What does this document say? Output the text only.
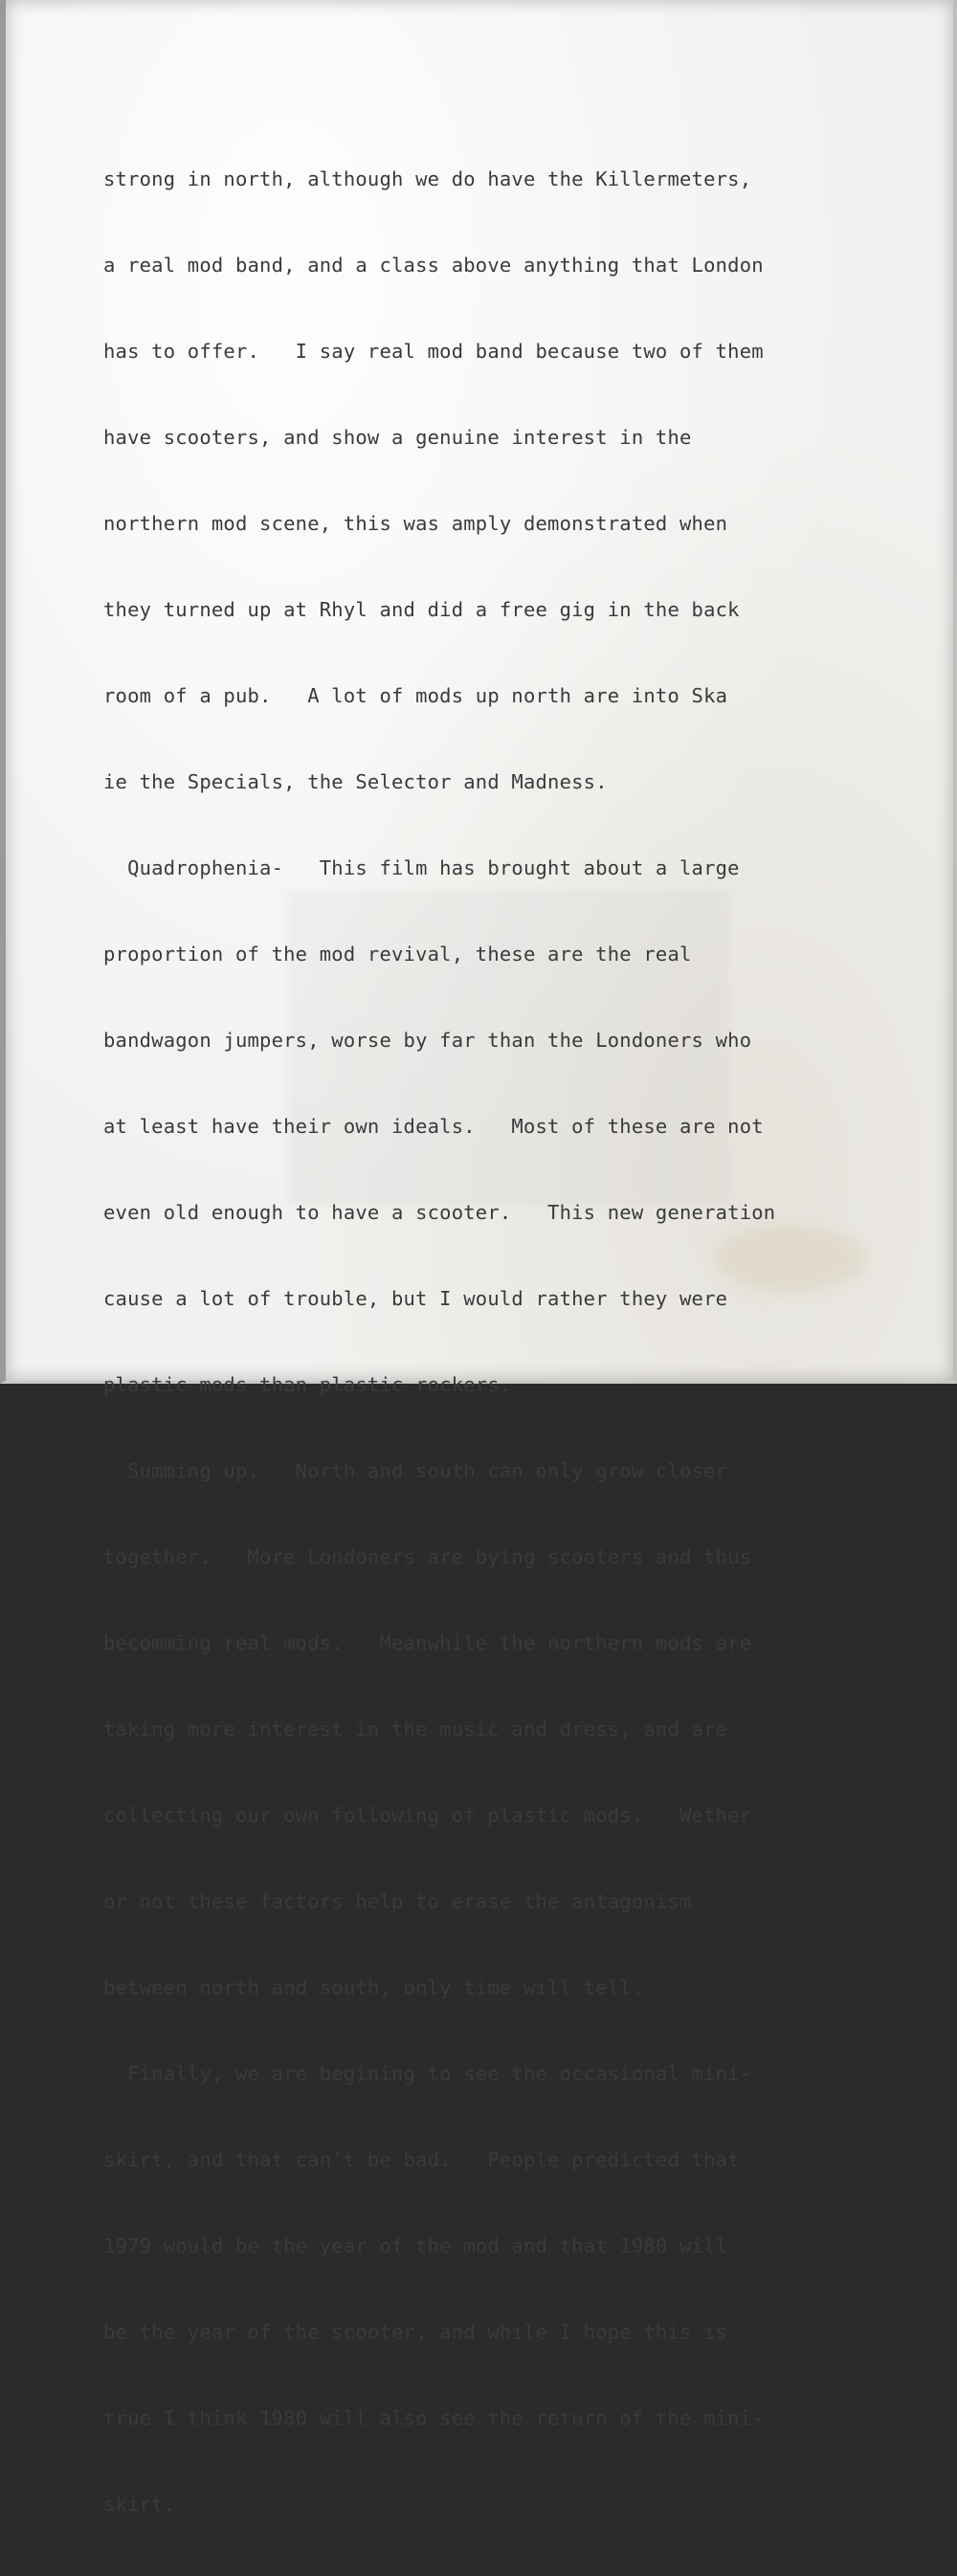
strong in north, although we do have the Killermeters,

a real mod band, and a class above anything that London

has to offer.   I say real mod band because two of them

have scooters, and show a genuine interest in the

northern mod scene, this was amply demonstrated when

they turned up at Rhyl and did a free gig in the back

room of a pub.   A lot of mods up north are into Ska

ie the Specials, the Selector and Madness.

Quadrophenia-   This film has brought about a large

proportion of the mod revival, these are the real

bandwagon jumpers, worse by far than the Londoners who

at least have their own ideals.   Most of these are not

even old enough to have a scooter.   This new generation

cause a lot of trouble, but I would rather they were

plastic mods than plastic rockers.

Summing up.   North and south can only grow closer

together.   More Londoners are bying scooters and thus

becomming real mods.   Meanwhile the northern mods are

taking more interest in the music and dress, and are

collecting our own following of plastic mods.   Wether

or not these factors help to erase the antagonism

between north and south, only time will tell.

Finally, we are begining to see the occasional mini-

skirt, and that can't be bad.   People predicted that

1979 would be the year of the mod and that 1980 will

be the year of the scooter, and while I hope this is

true I think 1980 will also see the return of the mini-

skirt.
